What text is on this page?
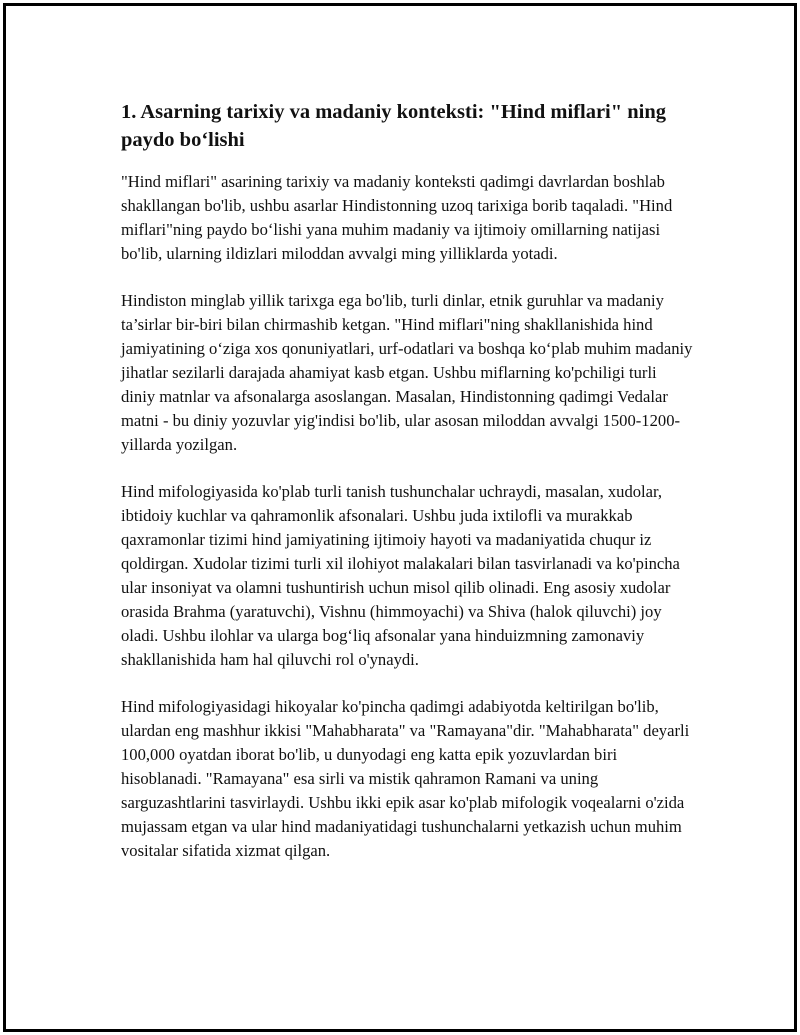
1. Asarning tarixiy va madaniy konteksti: "Hind miflari" ning paydo bo‘lishi

"Hind miflari" asarining tarixiy va madaniy konteksti qadimgi davrlardan boshlab shakllangan bo'lib, ushbu asarlar Hindistonning uzoq tarixiga borib taqaladi. "Hind miflari"ning paydo bo‘lishi yana muhim madaniy va ijtimoiy omillarning natijasi bo'lib, ularning ildizlari miloddan avvalgi ming yilliklarda yotadi.

Hindiston minglab yillik tarixga ega bo'lib, turli dinlar, etnik guruhlar va madaniy ta’sirlar bir-biri bilan chirmashib ketgan. "Hind miflari"ning shakllanishida hind jamiyatining o‘ziga xos qonuniyatlari, urf-odatlari va boshqa ko‘plab muhim madaniy jihatlar sezilarli darajada ahamiyat kasb etgan. Ushbu miflarning ko'pchiligi turli diniy matnlar va afsonalarga asoslangan. Masalan, Hindistonning qadimgi Vedalar matni - bu diniy yozuvlar yig'indisi bo'lib, ular asosan miloddan avvalgi 1500-1200-yillarda yozilgan.

Hind mifologiyasida ko'plab turli tanish tushunchalar uchraydi, masalan, xudolar, ibtidoiy kuchlar va qahramonlik afsonalari. Ushbu juda ixtilofli va murakkab qaxramonlar tizimi hind jamiyatining ijtimoiy hayoti va madaniyatida chuqur iz qoldirgan. Xudolar tizimi turli xil ilohiyot malakalari bilan tasvirlanadi va ko'pincha ular insoniyat va olamni tushuntirish uchun misol qilib olinadi. Eng asosiy xudolar orasida Brahma (yaratuvchi), Vishnu (himmoyachi) va Shiva (halok qiluvchi) joy oladi. Ushbu ilohlar va ularga bog‘liq afsonalar yana hinduizmning zamonaviy shakllanishida ham hal qiluvchi rol o'ynaydi.

Hind mifologiyasidagi hikoyalar ko'pincha qadimgi adabiyotda keltirilgan bo'lib, ulardan eng mashhur ikkisi "Mahabharata" va "Ramayana"dir. "Mahabharata" deyarli 100,000 oyatdan iborat bo'lib, u dunyodagi eng katta epik yozuvlardan biri hisoblanadi. "Ramayana" esa sirli va mistik qahramon Ramani va uning sarguzashtlarini tasvirlaydi. Ushbu ikki epik asar ko'plab mifologik voqealarni o'zida mujassam etgan va ular hind madaniyatidagi tushunchalarni yetkazish uchun muhim vositalar sifatida xizmat qilgan.
